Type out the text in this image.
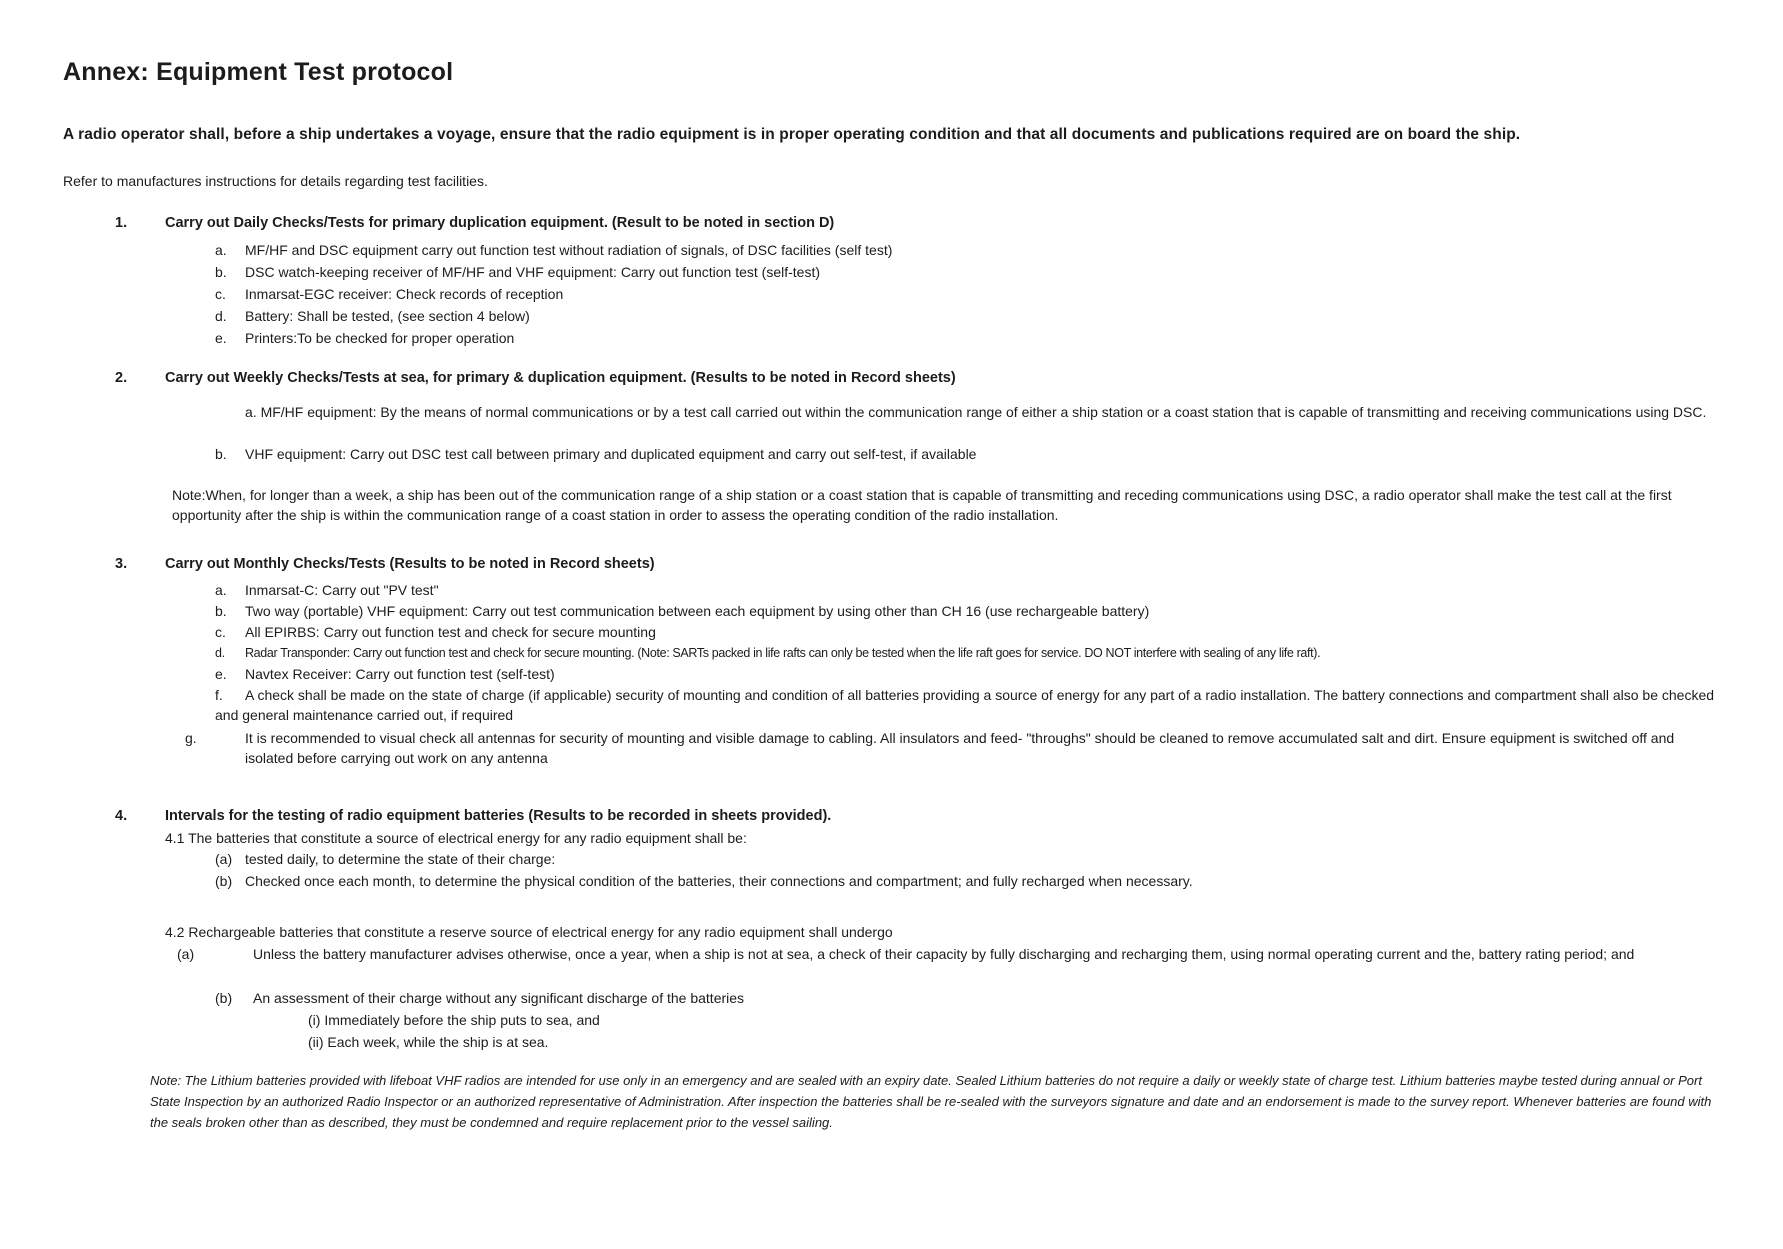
Annex: Equipment Test protocol
A radio operator shall, before a ship undertakes a voyage, ensure that the radio equipment is in proper operating condition and that all documents and publications required are on board the ship.
Refer to manufactures instructions for details regarding test facilities.
1.	Carry out Daily Checks/Tests for primary duplication equipment. (Result to be noted in section D)
a. MF/HF and DSC equipment carry out function test without radiation of signals, of DSC facilities (self test)
b. DSC watch-keeping receiver of MF/HF and VHF equipment: Carry out function test (self-test)
c. Inmarsat-EGC receiver: Check records of reception
d. Battery: Shall be tested, (see section 4 below)
e. Printers:To be checked for proper operation
2.	Carry out Weekly Checks/Tests at sea, for primary & duplication equipment. (Results to be noted in Record sheets)
a. MF/HF equipment: By the means of normal communications or by a test call carried out within the communication range of either a ship station or a coast station that is capable of transmitting and receiving communications using DSC.
b. VHF equipment: Carry out DSC test call between primary and duplicated equipment and carry out self-test, if available
Note:When, for longer than a week, a ship has been out of the communication range of a ship station or a coast station that is capable of transmitting and receding communications using DSC, a radio operator shall make the test call at the first opportunity after the ship is within the communication range of a coast station in order to assess the operating condition of the radio installation.
3.	Carry out Monthly Checks/Tests (Results to be noted in Record sheets)
a. Inmarsat-C: Carry out "PV test"
b. Two way (portable) VHF equipment: Carry out test communication between each equipment by using other than CH 16 (use rechargeable battery)
c. All EPIRBS: Carry out function test and check for secure mounting
d. Radar Transponder: Carry out function test and check for secure mounting. (Note: SARTs packed in life rafts can only be tested when the life raft goes for service. DO NOT interfere with sealing of any life raft).
e. Navtex Receiver: Carry out function test (self-test)
f. A check shall be made on the state of charge (if applicable) security of mounting and condition of all batteries providing a source of energy for any part of a radio installation. The battery connections and compartment shall also be checked and general maintenance carried out, if required
g.	It is recommended to visual check all antennas for security of mounting and visible damage to cabling. All insulators and feed- "throughs" should be cleaned to remove accumulated salt and dirt. Ensure equipment is switched off and isolated before carrying out work on any antenna
4.	Intervals for the testing of radio equipment batteries (Results to be recorded in sheets provided).
4.1 The batteries that constitute a source of electrical energy for any radio equipment shall be:
(a) tested daily, to determine the state of their charge:
(b) Checked once each month, to determine the physical condition of the batteries, their connections and compartment; and fully recharged when necessary.
4.2 Rechargeable batteries that constitute a reserve source of electrical energy for any radio equipment shall undergo
(a)	Unless the battery manufacturer advises otherwise, once a year, when a ship is not at sea, a check of their capacity by fully discharging and recharging them, using normal operating current and the, battery rating period; and
(b) An assessment of their charge without any significant discharge of the batteries
(i) Immediately before the ship puts to sea, and
(ii) Each week, while the ship is at sea.
Note: The Lithium batteries provided with lifeboat VHF radios are intended for use only in an emergency and are sealed with an expiry date. Sealed Lithium batteries do not require a daily or weekly state of charge test. Lithium batteries maybe tested during annual or Port State Inspection by an authorized Radio Inspector or an authorized representative of Administration. After inspection the batteries shall be re-sealed with the surveyors signature and date and an endorsement is made to the survey report. Whenever batteries are found with the seals broken other than as described, they must be condemned and require replacement prior to the vessel sailing.
